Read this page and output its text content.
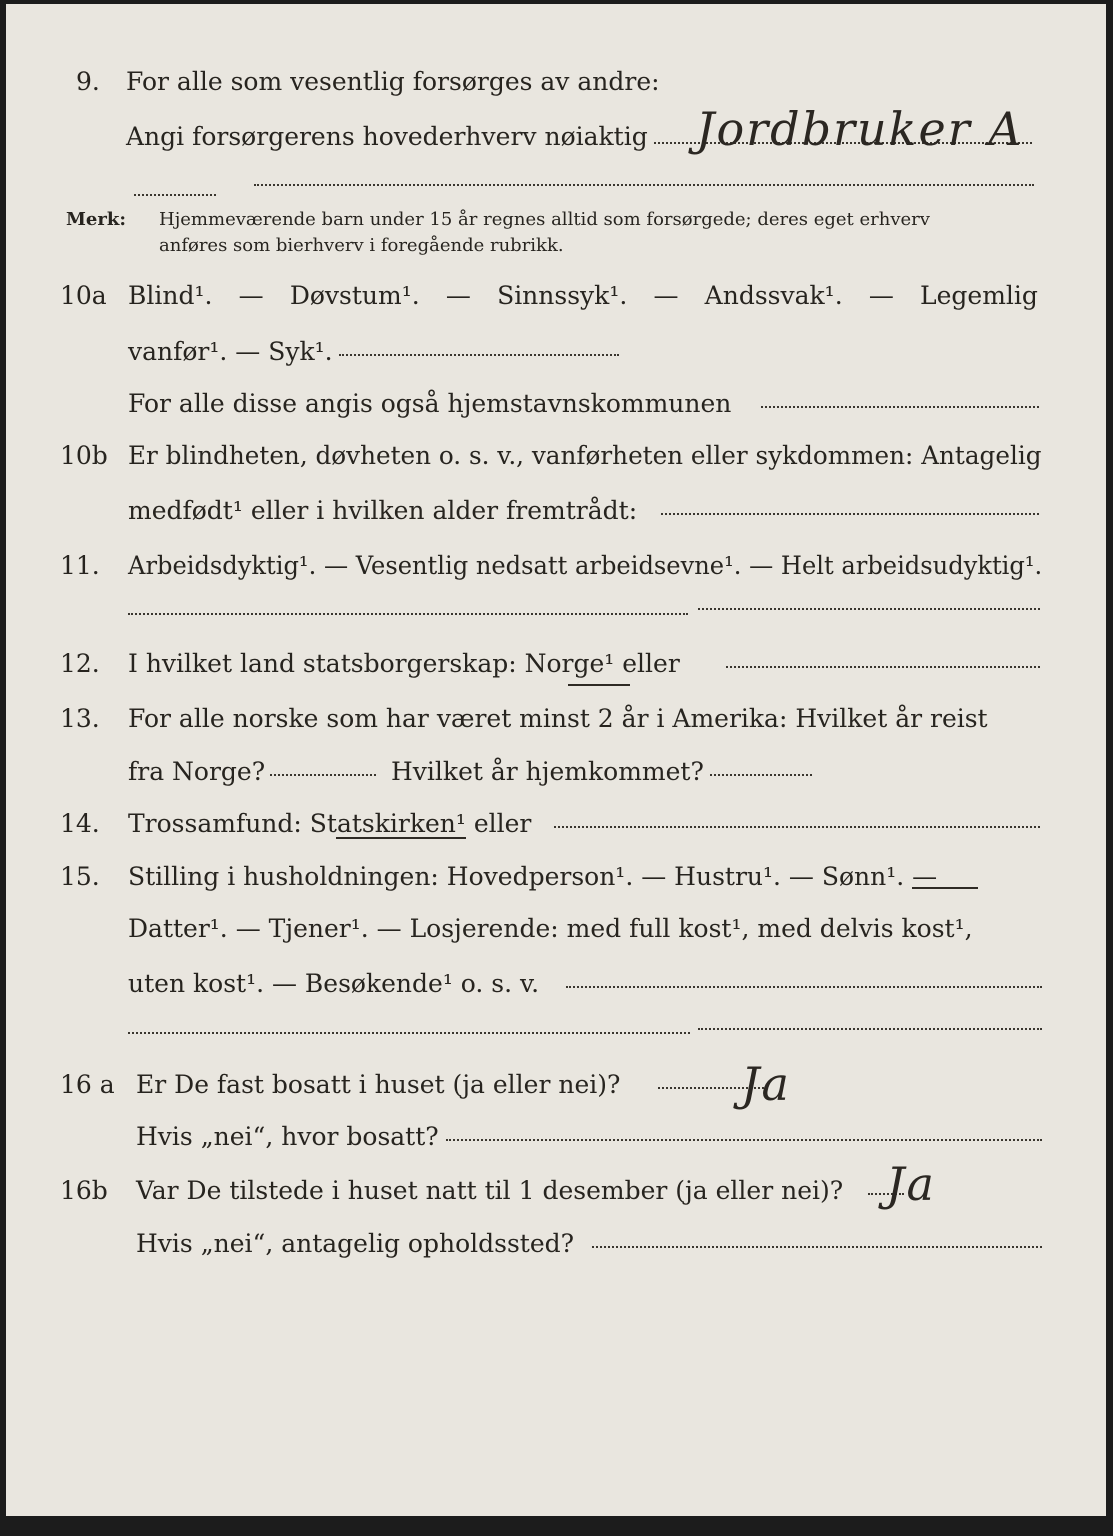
9. For alle som vesentlig forsørges av andre:
Angi forsørgerens hovederhverv nøiaktig Jordbruker A
Merk: Hjemmeværende barn under 15 år regnes alltid som forsørgede; deres eget erhverv
anføres som bierhverv i foregående rubrikk.
10a Blind¹. — Døvstum¹. — Sinnssyk¹. — Andssvak¹. — Legemlig
vanfør¹. — Syk¹.
For alle disse angis også hjemstavnskommunen
10b Er blindheten, døvheten o. s. v., vanførheten eller sykdommen: Antagelig
medfødt¹ eller i hvilken alder fremtrådt:
11. Arbeidsdyktig¹. — Vesentlig nedsatt arbeidsevne¹. — Helt arbeidsudyktig¹.
12. I hvilket land statsborgerskap: Norge¹ eller
13. For alle norske som har været minst 2 år i Amerika: Hvilket år reist
fra Norge?	Hvilket år hjemkommet?
14. Trossamfund: Statskirken¹ eller
15. Stilling i husholdningen: Hovedperson¹. — Hustru¹. — Sønn¹. —
Datter¹. — Tjener¹. — Losjerende: med full kost¹, med delvis kost¹,
uten kost¹. — Besøkende¹ o. s. v.
16 a Er De fast bosatt i huset (ja eller nei)?	Ja
Hvis „nei“, hvor bosatt?
16b Var De tilstede i huset natt til 1 desember (ja eller nei)? Ja
Hvis „nei“, antagelig opholdssted?
